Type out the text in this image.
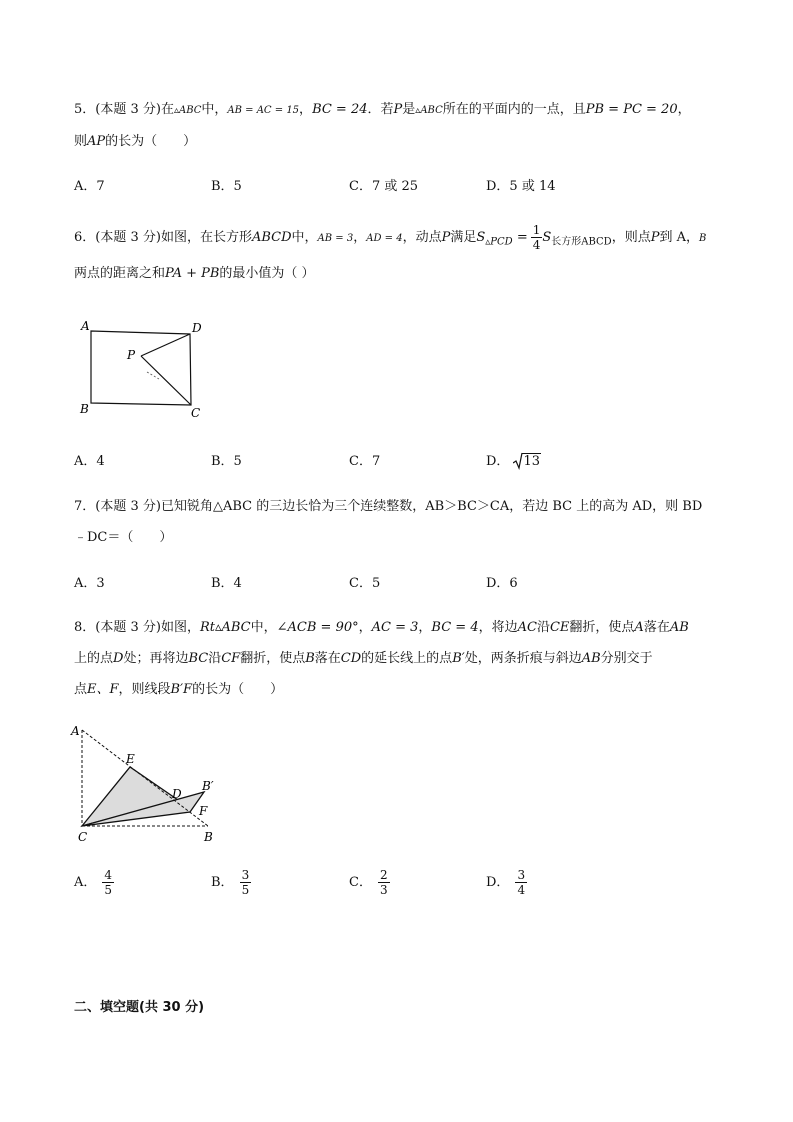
5．(本题 3 分)在▵ABC中，AB = AC = 15，BC = 24．若P是▵ABC所在的平面内的一点，且PB = PC = 20，
则AP的长为（　　）
A．7	B．5	C．7 或 25	D．5 或 14
6．(本题 3 分)如图，在长方形ABCD中，AB = 3，AD = 4，动点P满足$S_{▵PCD} = \frac{1}{4} S_{长方形ABCD}$，则点P到 A，B
两点的距离之和PA + PB的最小值为（ ）
A	D
P
B	C
A．4	B．5	C．7	D． 13
7．(本题 3 分)已知锐角△ABC 的三边长恰为三个连续整数，AB＞BC＞CA，若边 BC 上的高为 AD，则 BD
﹣DC＝（　　）
A．3	B．4	C．5	D．6
8．(本题 3 分)如图，Rt▵ABC中，∠ACB = 90°，AC = 3，BC = 4，将边AC沿CE翻折，使点A落在AB
上的点D处；再将边BC沿CF翻折，使点B落在CD的延长线上的点B′处，两条折痕与斜边AB分别交于
点E、F，则线段B′F的长为（　　）
A
E
D
B′
F
C	B
A． $\frac{4}{5}$	B． $\frac{3}{5}$	C． $\frac{2}{3}$	D． $\frac{3}{4}$
二、填空题(共 30 分)
